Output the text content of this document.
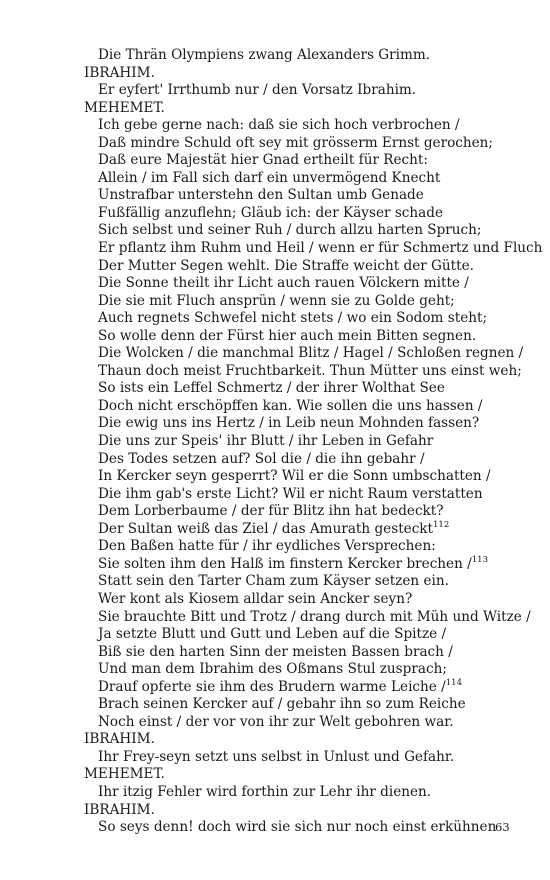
Die Thrän Olympiens zwang Alexanders Grimm.
IBRAHIM.
Er eyfert' Irrthumb nur / den Vorsatz Ibrahim.
MEHEMET.
Ich gebe gerne nach: daß sie sich hoch verbrochen /
Daß mindre Schuld oft sey mit grösserm Ernst gerochen;
Daß eure Majestät hier Gnad ertheilt für Recht:
Allein / im Fall sich darf ein unvermögend Knecht
Unstrafbar unterstehn den Sultan umb Genade
Fußfällig anzuflehn; Gläub ich: der Käyser schade
Sich selbst und seiner Ruh / durch allzu harten Spruch;
Er pflantz ihm Ruhm und Heil / wenn er für Schmertz und Fluch
Der Mutter Segen wehlt. Die Straffe weicht der Gütte.
Die Sonne theilt ihr Licht auch rauen Völckern mitte /
Die sie mit Fluch ansprün / wenn sie zu Golde geht;
Auch regnets Schwefel nicht stets / wo ein Sodom steht;
So wolle denn der Fürst hier auch mein Bitten segnen.
Die Wolcken / die manchmal Blitz / Hagel / Schloßen regnen /
Thaun doch meist Fruchtbarkeit. Thun Mütter uns einst weh;
So ists ein Leffel Schmertz / der ihrer Wolthat See
Doch nicht erschöpffen kan. Wie sollen die uns hassen /
Die ewig uns ins Hertz / in Leib neun Mohnden fassen?
Die uns zur Speis' ihr Blutt / ihr Leben in Gefahr
Des Todes setzen auf? Sol die / die ihn gebahr /
In Kercker seyn gesperrt? Wil er die Sonn umbschatten /
Die ihm gab's erste Licht? Wil er nicht Raum verstatten
Dem Lorberbaume / der für Blitz ihn hat bedeckt?
Der Sultan weiß das Ziel / das Amurath gesteckt$^{112}$
Den Baßen hatte für / ihr eydliches Versprechen:
Sie solten ihm den Halß im finstern Kercker brechen /$^{113}$
Statt sein den Tarter Cham zum Käyser setzen ein.
Wer kont als Kiosem alldar sein Ancker seyn?
Sie brauchte Bitt und Trotz / drang durch mit Müh und Witze /
Ja setzte Blutt und Gutt und Leben auf die Spitze /
Biß sie den harten Sinn der meisten Bassen brach /
Und man dem Ibrahim des Oßmans Stul zusprach;
Drauf opferte sie ihm des Brudern warme Leiche /$^{114}$
Brach seinen Kercker auf / gebahr ihn so zum Reiche
Noch einst / der vor von ihr zur Welt gebohren war.
IBRAHIM.
Ihr Frey-seyn setzt uns selbst in Unlust und Gefahr.
MEHEMET.
Ihr itzig Fehler wird forthin zur Lehr ihr dienen.
IBRAHIM.
So seys denn! doch wird sie sich nur noch einst erkühnen
63
